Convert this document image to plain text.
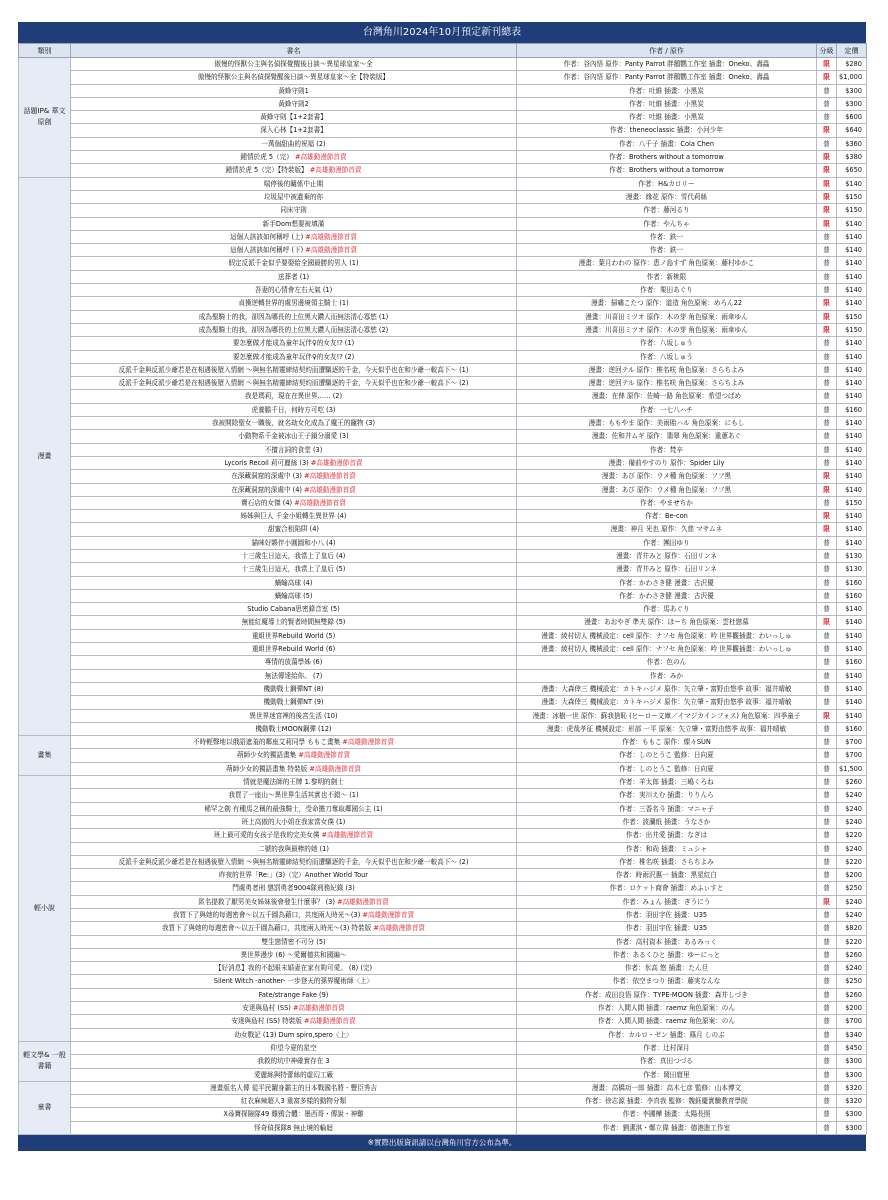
台灣角川2024年10月預定新刊總表
類別	書名	作者 / 原作	分級	定價
話題IP& 華文原創	傲慢的怪獸公主與名偵探覺醒後日談～異星球皇家～全	作者：谷內悟 原作：Panty Parrot 胖鵝鸚工作室 插畫：Oneko、壽蟲	限	$280
	傲慢的怪獸公主與名偵探覺醒後日談～異星球皇家～全【特裝版】	作者：谷內悟 原作：Panty Parrot 胖鵝鸚工作室 插畫：Oneko、壽蟲	限	$1,000
	黃蜂守則1	作者：吐維 插畫：小黑炭	普	$300
	黃蜂守則2	作者：吐維 插畫：小黑炭	普	$300
	黃蜂守則【1+2套書】	作者：吐維 插畫：小黑炭	普	$600
	深入心林【1+2套書】	作者：theneoclassic 插畫：小河少年	限	$640
	一萬個甜曲的祝福 (2)	作者：八千子 插畫：Cola Chen	普	$360
	鍾情於虎 5（完） #高雄動漫節首賣	作者：Brothers without a tomorrow	限	$380
	鍾情於虎 5（完）【特裝版】 #高雄動漫節首賣	作者：Brothers without a tomorrow	限	$650
漫畫	喘停後的關係中止期	作者：H&カロリー	限	$140
	垃圾屋中被遺棄的你	漫畫：緣花 原作：雪代莉絲	限	$150
	同床守則	作者：藤河るり	限	$150
	新手Dom想要被填滿	作者：やんちゃ	限	$140
	這個人該該如何稱呼 (上) #高雄動漫節首賣	作者：鉄一	普	$140
	這個人該該如何稱呼 (下) #高雄動漫節首賣	作者：鉄一	普	$140
	假定反派千金似乎要娶給全國最勝的男人 (1)	漫畫：葉月わわの 原作：恵ノ島すず 角色原案：藤村ゆかこ	普	$140
	送葬者 (1)	作者：新桃限	普	$140
	吾妻的心情會左右天氣 (1)	作者：栗田あぐり	普	$140
	貞操逆轉世界的處男邊境領主騎士 (1)	漫畫：掃嘯こたつ 原作：道造 角色原案：めろん22	限	$140
	成為聖騎士的我，卻因為哪長的上位黑大鑽人而無法清心寡慾 (1)	漫畫：川喜田ミツオ 原作：木の芽 角色原案：雨傘ゆん	限	$150
	成為聖騎士的我，卻因為哪長的上位黑大鑽人而無法清心寡慾 (2)	漫畫：川喜田ミツオ 原作：木の芽 角色原案：雨傘ゆん	限	$150
	要怎麼做才能成為童年玩伴♀的女友!? (1)	作者：八坂しゅう	普	$140
	要怎麼做才能成為童年玩伴♀的女友!? (2)	作者：八坂しゅう	普	$140
	反派千金與反派少爺若是在相遇後墮入情網 ～與無名精靈締結契約而遭驅逐的千金，今天似乎也在和少爺一較高下～ (1)	漫畫：逆回テル 原作：椎名咲 角色原案：さらちよみ	普	$140
	反派千金與反派少爺若是在相遇後墮入情網 ～與無名精靈締結契約而遭驅逐的千金，今天似乎也在和少爺一較高下～ (2)	漫畫：逆回テル 原作：椎名咲 角色原案：さらちよみ	普	$140
	我是瑪莉，現在在異世界…… (2)	漫畫：在俾 原作：佐崎一路 角色原案：希望つばめ	普	$140
	虎養膽千日，何時方可吃 (3)	作者：一七八ハチ	普	$160
	我被開除聖女一職後，就名劫女化成為了魔王的寵物 (3)	漫畫：ももやま 原作：美雨貽ハル 角色原案：にもし	普	$140
	小動物系千金被冰山王子鎖分溺愛 (3)	漫畫：佐和井ムギ 原作：翡翠 角色原案：重蔥あぐ	普	$140
	不擅言詞的食堂 (3)	作者：梵辛	普	$140
	Lycoris Recoil 莉可麗絲 (3) #高雄動漫節首賣	漫畫：備前やすのり 原作：Spider Lily	普	$140
	在深藏洞窟的深處中 (3) #高雄動漫節首賣	漫畫：あび 原作：ウメ種 角色原案：フフ黑	限	$140
	在深藏洞窟的深處中 (4) #高雄動漫節首賣	漫畫：あび 原作：ウメ種 角色原案：フフ黑	限	$140
	寶石店的女傑 (4) #高雄動漫節首賣	作者：やませちか	普	$150
	姊姊與巨人 千金小姐轉生異世界 (4)	作者：Be-con	限	$140
	甜蜜合租陷阱 (4)	漫畫：神月 光也 原作：久慈 マサムネ	限	$140
	貓咪好夥伴小圓圓和小八 (4)	作者：團田ゆり	普	$140
	十三歲生日這天，我當上了皇后 (4)	漫畫：青井みと 原作：石田リンネ	普	$130
	十三歲生日這天，我當上了皇后 (5)	漫畫：青井みと 原作：石田リンネ	普	$130
	蝸蝓高球 (4)	作者：かわさき健 漫畫：古沢優	普	$160
	蝸蝓高球 (5)	作者：かわさき健 漫畫：古沢優	普	$160
	Studio Cabana思密錄音室 (5)	作者：馬あぐり	普	$140
	無能紅魔導士的賢者時間無雙錄 (5)	漫畫：あおやぎ 準夫 原作：ほーち 角色原案：雲杜戀慕	限	$140
	重組世界Rebuild World (5)	漫畫：綾村切人 機械設定：cell 原作：ナフセ 角色原案：吟 世界觀插畫：わいっしゅ	普	$140
	重組世界Rebuild World (6)	漫畫：綾村切人 機械設定：cell 原作：ナフセ 角色原案：吟 世界觀插畫：わいっしゅ	普	$140
	專情的放蕩學姊 (6)	作者：色のん	普	$160
	無法傳達給你。 (7)	作者：みか	普	$140
	機動戰士鋼彈NT (8)	漫畫：大森倖三 機械設定：カトキハジメ 原作：矢立肇・富野由悠季 故事：福井晴敏	普	$140
	機動戰士鋼彈NT (9)	漫畫：大森倖三 機械設定：カトキハジメ 原作：矢立肇・富野由悠季 故事：福井晴敏	普	$140
	異世界迷宮裡的後宮生活 (10)	漫畫：冰樹一世 原作：蘇我捨恥 (ヒーロー文庫／イマジカインフォス) 角色原案：四季童子	限	$140
	機動戰士MOON鋼彈 (12)	漫畫：虎哉孝征 機械設定：形部 一平 原案：矢立肇・富野由悠季 故事：福井晴敏	普	$160
畫集	不時輕聲地以俄語遮羞的鄰座艾莉同學 ももこ畫集 #高雄動漫節首賣	作者：ももこ 原作：燦々SUN	普	$700
	蒴師少女的獨語畫集 #高雄動漫節首賣	作者：しのとうこ 監修：日向夏	普	$700
	蒴師少女的獨語畫集 特裝版 #高雄動漫節首賣	作者：しのとうこ 監修：日向夏	普	$1,500
輕小說	情就是魔法師的王牌 1.黎明的劍士	作者：羊太郎 插畫：三嶋くろね	普	$260
	我買了一座山～異世界生活其實也不錯～ (1)	作者：実川えむ 插畫：りりんら	普	$240
	稀罕之劍 有種馬之稱的最強騎士，受命擔刀奪取鄰國公主 (1)	作者：三香名斗 插畫：マニャ子	普	$240
	班上高傲的大小姐在我家當女僕 (1)	作者：波瀾纸 插畫：うなさか	普	$240
	班上最可愛的女孩子是我的完美女僕 #高雄動漫節首賣	作者：出井愛 插畫：なぎは	普	$220
	二號的我與最棒的她 (1)	作者：和尚 插畫：ミュシャ	普	$240
	反派千金與反派少爺若是在相遇後墮入情網 ～與無名精靈締結契約而遭驅逐的千金，今天似乎也在和少爺一較高下～ (2)	作者：椎名咲 插畫：さらちよみ	普	$220
	昨夜的世界「Re:」(3)（完）Another World Tour	作者：時雨沢惠一 插畫：黒星紅白	普	$200
	鬥處勇者刑 懲罰勇者9004隊刑務紀錄 (3)	作者：ロケット商會 插畫：めふぃすと	普	$250
	匿名提救了厭男美女姊妹後會發生什麼事？ (3) #高雄動漫節首賣	作者：みょん 插畫：ぎうにう	限	$240
	我買下了與她的每週密會～以五千圓為藉口，共度兩人時光～(3) #高雄動漫節首賣	作者：羽田宇佐 插畫：U35	普	$240
	我買下了與她的每週密會～以五千圓為藉口，共度兩人時光～(3) 特裝版 #高雄動漫節首賣	作者：羽田宇佐 插畫：U35	普	$820
	雙生戀情密不可分 (5)	作者：高村資本 插畫：あるみっく	普	$220
	異世界漫步 (6) ～愛爾德共和國編～	作者：あるくひと 插畫：ゆーにっと	普	$260
	【好消息】我的不起眼末婚妻在家有夠可愛。 (8) (完)	作者：氷高 悠 插畫：たん旦	普	$240
	Silent Witch -another- 一步登天的孫界魔術師〈上〉	作者：依空まつり 插畫：藤実なんな	普	$250
	Fate/strange Fake (9)	作者：成田良悟 原作：TYPE-MOON 插畫：森井しづき	普	$260
	安達與島村 (SS) #高雄動漫節首賣	作者：入間人間 插畫：raemz 角色原案：のん	普	$200
	安達與島村 (SS) 特裝版 #高雄動漫節首賣	作者：入間人間 插畫：raemz 角色原案：のん	普	$700
	幼女戰記 (13) Dum spiro,spero〈上〉	作者：カルロ・ゼン 插畫：篠月 しのぶ	普	$340
輕文學& 一般書籍	仰望今夏的星空	作者：辻村深月	普	$450
	我救的坑中神確實存在 3	作者：真田つづる	普	$300
	愛麗絲與特蕾絲的虛幻工廠	作者：岡田麿里	普	$300
童書	漫畫版名人傳 從平民躍身霸主的日本戰國名將 - 豐臣秀吉	漫畫：高橋功一郎 插畫：高木七彦 監修：山本博文	普	$320
	紅衣麻辣超人3 重富多樣的動物分類	作者：徐志源 插畫：李真我 監修：魏鈺慶實驗教育學院	普	$320
	X尋寶探險隊49 雞鴉合體：墨西哥・傳說・神雞	作者：李圃樺 插畫：太陽長照	普	$300
	怪奇偵探隊8 無止境的輪迴	作者：劉潔淇・鄭立偉 插畫：德港進工作室	普	$300
※實際出版資訊請以台灣角川官方公布為準。
